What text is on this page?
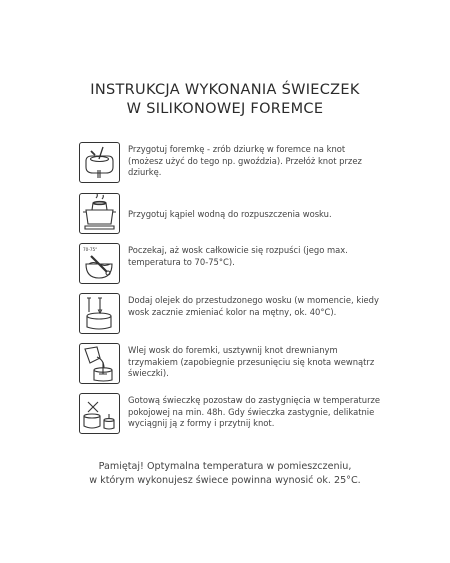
INSTRUKCJA WYKONANIA ŚWIECZEK
W SILIKONOWEJ FOREMCE
Przygotuj foremkę - zrób dziurkę w foremce na knot
(możesz użyć do tego np. gwoździa). Przełóż knot przez
dziurkę.
Przygotuj kąpiel wodną do rozpuszczenia wosku.
70-75°	Poczekaj, aż wosk całkowicie się rozpuści (jego max.
temperatura to 70-75°C).
Dodaj olejek do przestudzonego wosku (w momencie, kiedy
wosk zacznie zmieniać kolor na mętny, ok. 40°C).
Wlej wosk do foremki, usztywnij knot drewnianym
trzymakiem (zapobiegnie przesunięciu się knota wewnątrz
świeczki).
Gotową świeczkę pozostaw do zastygnięcia w temperaturze
pokojowej na min. 48h. Gdy świeczka zastygnie, delikatnie
wyciągnij ją z formy i przytnij knot.
Pamiętaj! Optymalna temperatura w pomieszczeniu,
w którym wykonujesz świece powinna wynosić ok. 25°C.
